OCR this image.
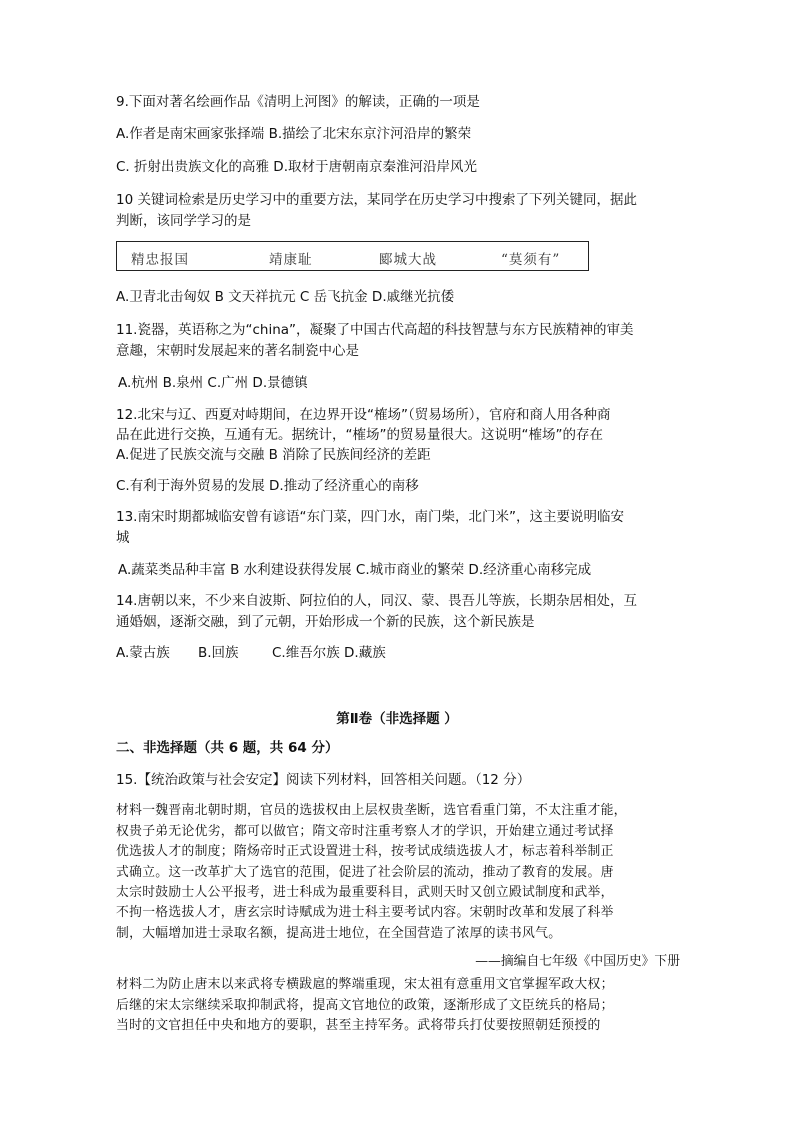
9.下面对著名绘画作品《清明上河图》的解读，正确的一项是
A.作者是南宋画家张择端 B.描绘了北宋东京汴河沿岸的繁荣
C. 折射出贵族文化的高雅 D.取材于唐朝南京秦淮河沿岸风光
10 关键词检索是历史学习中的重要方法，某同学在历史学习中搜索了下列关键同，据此
判断，该同学学习的是
精忠报国	靖康耻	郾城大战	“莫须有”
A.卫青北击匈奴 B 文天祥抗元 C 岳飞抗金 D.戚继光抗倭
11.瓷器，英语称之为“china”，凝聚了中国古代高超的科技智慧与东方民族精神的审美
意趣，宋朝时发展起来的著名制瓷中心是
A.杭州 B.泉州 C.广州 D.景德镇
12.北宋与辽、西夏对峙期间，在边界开设“榷场”（贸易场所），官府和商人用各种商
品在此进行交换，互通有无。据统计，“榷场”的贸易量很大。这说明“榷场”的存在
A.促进了民族交流与交融 B 消除了民族间经济的差距
C.有利于海外贸易的发展 D.推动了经济重心的南移
13.南宋时期都城临安曾有谚语“东门菜，四门水，南门柴，北门米”，这主要说明临安
城
A.蔬菜类品种丰富 B 水利建设获得发展 C.城市商业的繁荣 D.经济重心南移完成
14.唐朝以来，不少来自波斯、阿拉伯的人，同汉、蒙、畏吾儿等族，长期杂居相处，互
通婚姻，逐渐交融，到了元朝，开始形成一个新的民族，这个新民族是
A.蒙古族 B.回族 C.维吾尔族 D.藏族
第Ⅱ卷（非选择题 ）
二、非选择题（共 6 题，共 64 分）
15.【统治政策与社会安定】阅读下列材料，回答相关问题。（12 分）
材料一魏晋南北朝时期，官员的选拔权由上层权贵垄断，选官看重门第，不太注重才能，
权贵子弟无论优劣，都可以做官；隋文帝时注重考察人才的学识，开始建立通过考试择
优选拔人才的制度；隋炀帝时正式设置进士科，按考试成绩选拔人才，标志着科举制正
式确立。这一改革扩大了选官的范围，促进了社会阶层的流动，推动了教育的发展。唐
太宗时鼓励士人公平报考，进士科成为最重要科目，武则天时又创立殿试制度和武举，
不拘一格选拔人才，唐玄宗时诗赋成为进士科主要考试内容。宋朝时改革和发展了科举
制，大幅增加进士录取名额，提高进士地位，在全国营造了浓厚的读书风气。
——摘编自七年级《中国历史》下册
材料二为防止唐末以来武将专横跋扈的弊端重现，宋太祖有意重用文官掌握军政大权；
后继的宋太宗继续采取抑制武将，提高文官地位的政策，逐渐形成了文臣统兵的格局；
当时的文官担任中央和地方的要职，甚至主持军务。武将带兵打仗要按照朝廷预授的
